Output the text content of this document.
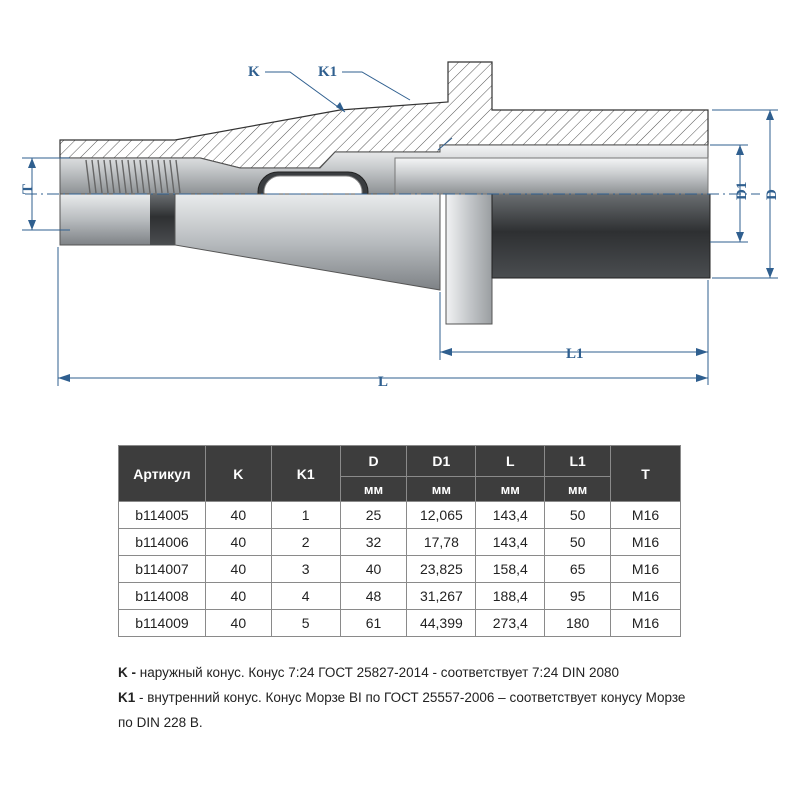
K	K1
T	D1 D
L1
L
Артикул	K	K1	D	D1	L	L1	T
			мм	мм	мм	мм	
b114005	40	1	25	12,065	143,4	50	M16
b114006	40	2	32	17,78	143,4	50	M16
b114007	40	3	40	23,825	158,4	65	M16
b114008	40	4	48	31,267	188,4	95	M16
b114009	40	5	61	44,399	273,4	180	M16
K - наружный конус. Конус 7:24 ГОСТ 25827-2014 - соответствует 7:24 DIN 2080
K1 - внутренний конус. Конус Морзе BI по ГОСТ 25557-2006 – соответствует конусу Морзе по DIN 228 B.
